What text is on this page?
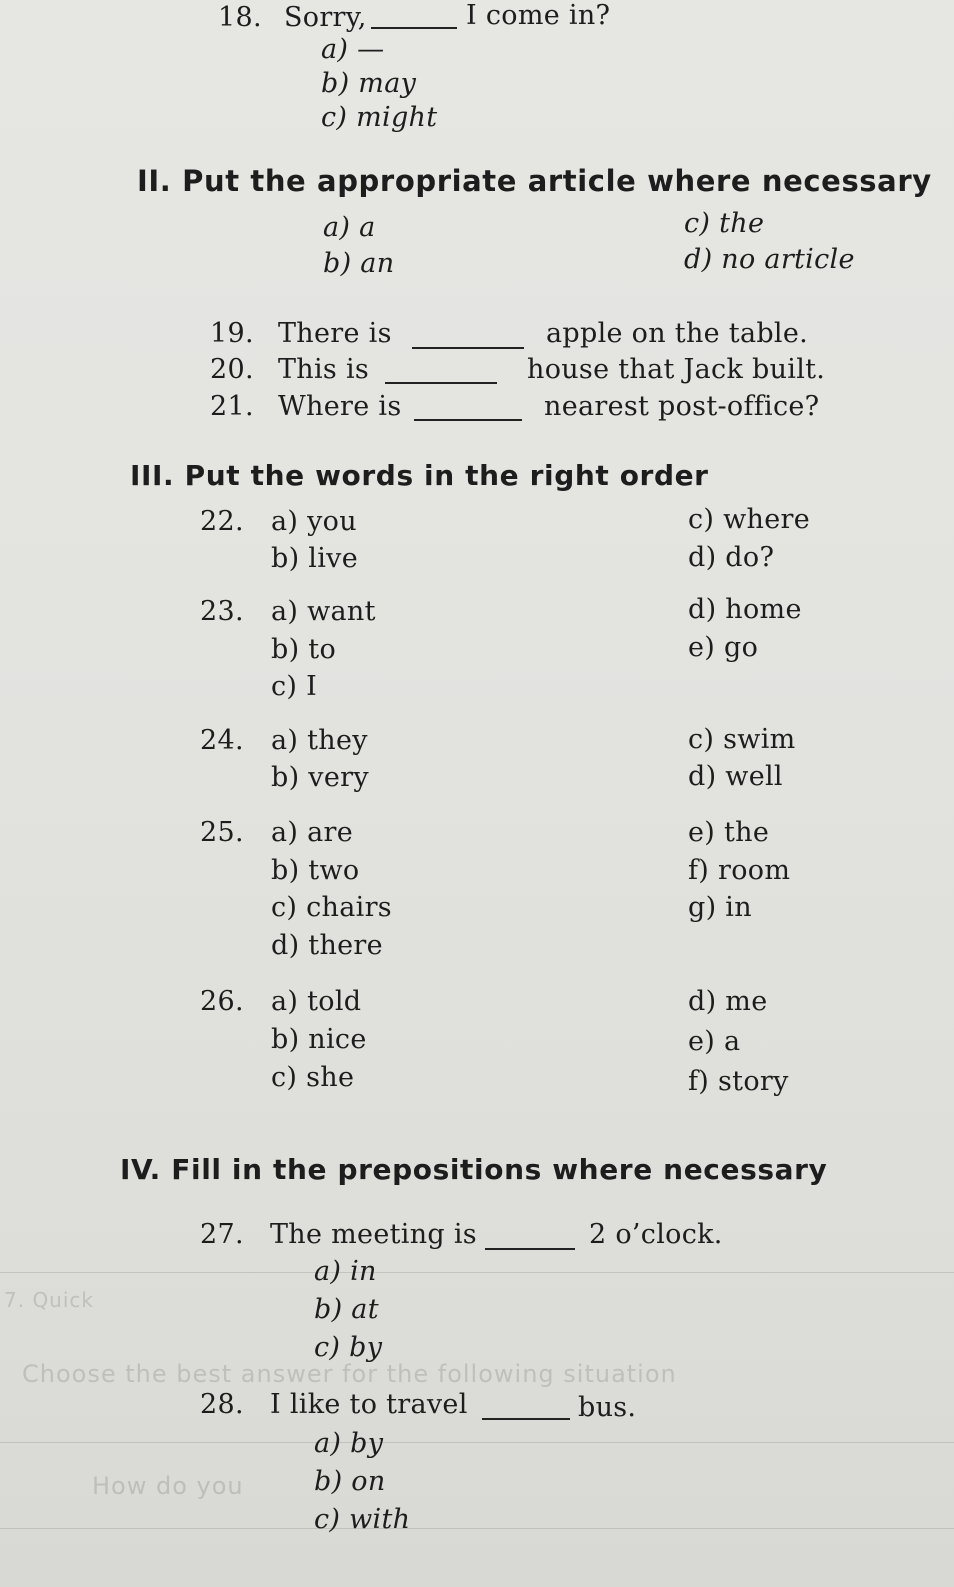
Choose the best answer for the following situation
7. Quick
How do you
18. Sorry,	I come in?
a) —
b) may
c) might
II. Put the appropriate article where necessary
a) a
b) an
c) the
d) no article
19. There is	apple on the table.
20. This is	house that Jack built.
21. Where is	nearest post-office?
III. Put the words in the right order
22. a) you
b) live
c) where
d) do?
23. a) want
b) to
c) I
d) home
e) go
24. a) they
b) very
c) swim
d) well
25. a) are
b) two
c) chairs
d) there
e) the
f) room
g) in
26. a) told
b) nice
c) she
d) me
e) a
f) story
IV. Fill in the prepositions where necessary
27. The meeting is	2 o’clock.
a) in
b) at
c) by
28. I like to travel	bus.
a) by
b) on
c) with
